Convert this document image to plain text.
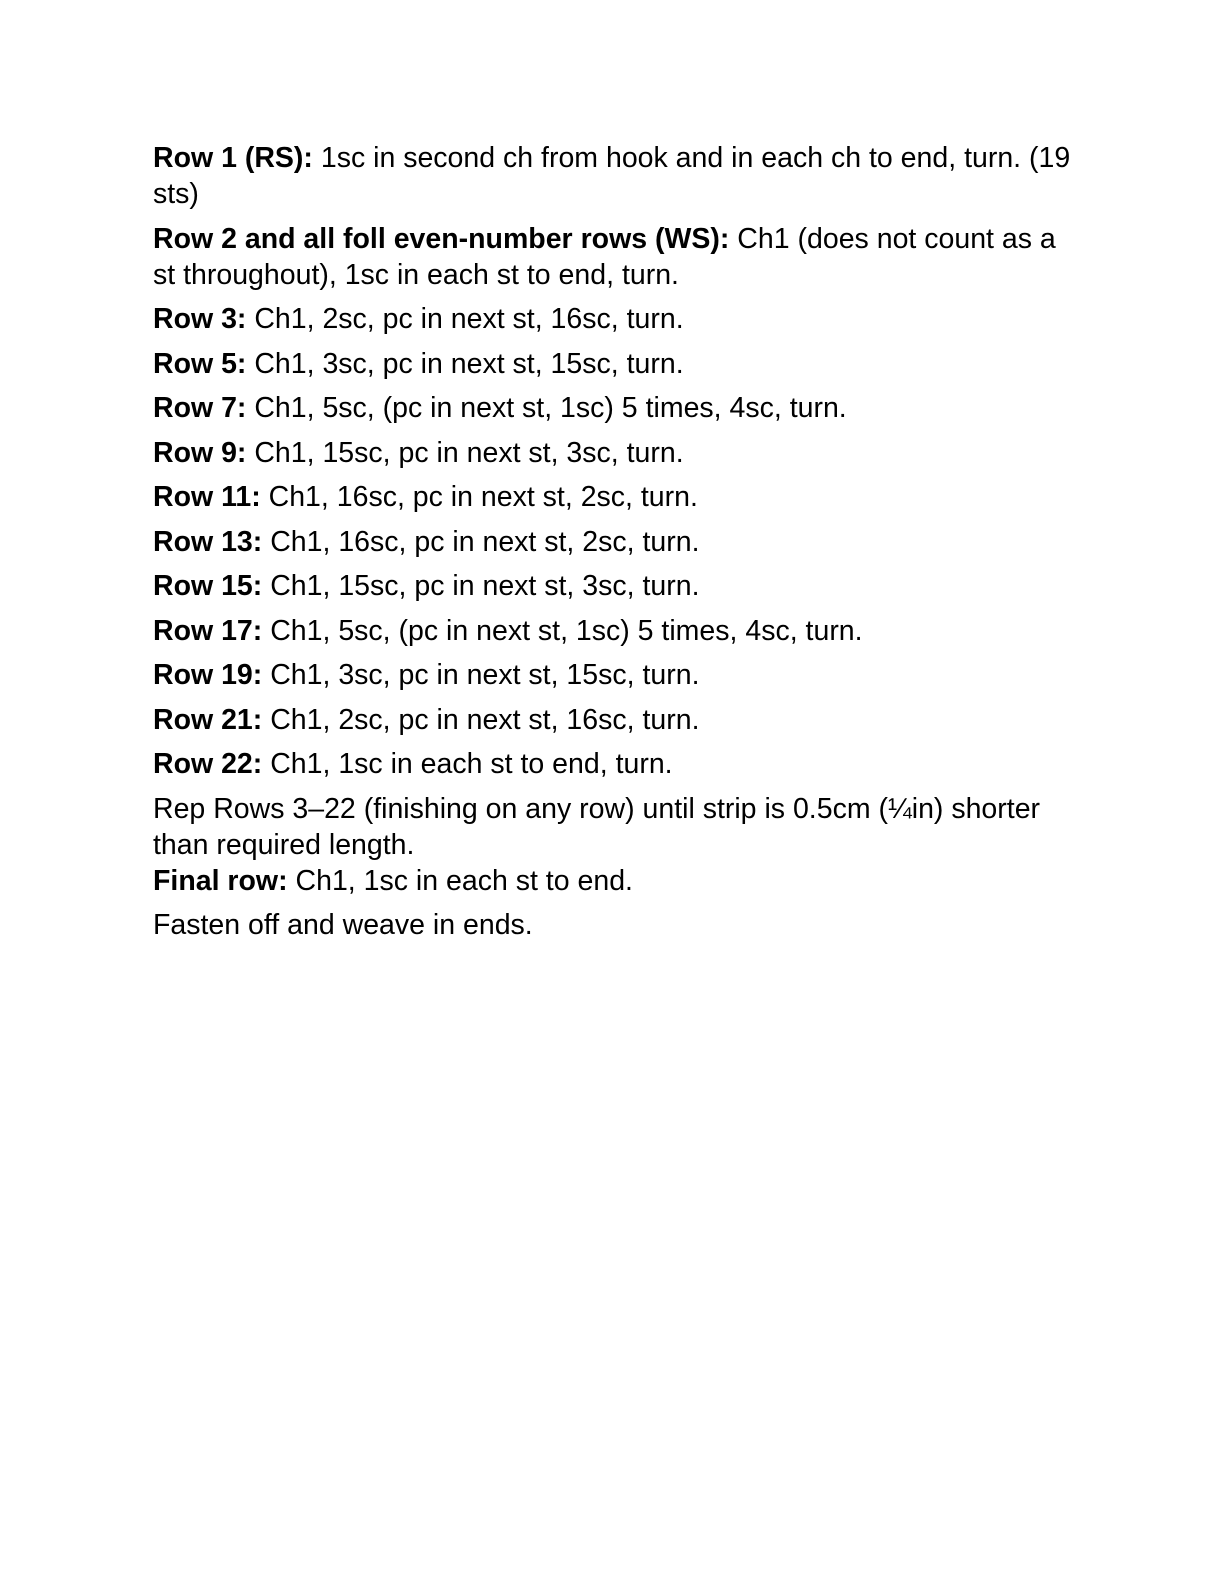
Row 1 (RS): 1sc in second ch from hook and in each ch to end, turn. (19 sts)

Row 2 and all foll even-number rows (WS): Ch1 (does not count as a st throughout), 1sc in each st to end, turn.

Row 3: Ch1, 2sc, pc in next st, 16sc, turn.

Row 5: Ch1, 3sc, pc in next st, 15sc, turn.

Row 7: Ch1, 5sc, (pc in next st, 1sc) 5 times, 4sc, turn.

Row 9: Ch1, 15sc, pc in next st, 3sc, turn.

Row 11: Ch1, 16sc, pc in next st, 2sc, turn.

Row 13: Ch1, 16sc, pc in next st, 2sc, turn.

Row 15: Ch1, 15sc, pc in next st, 3sc, turn.

Row 17: Ch1, 5sc, (pc in next st, 1sc) 5 times, 4sc, turn.

Row 19: Ch1, 3sc, pc in next st, 15sc, turn.

Row 21: Ch1, 2sc, pc in next st, 16sc, turn.

Row 22: Ch1, 1sc in each st to end, turn.

Rep Rows 3–22 (finishing on any row) until strip is 0.5cm (¼in) shorter than required length.

Final row: Ch1, 1sc in each st to end.

Fasten off and weave in ends.
